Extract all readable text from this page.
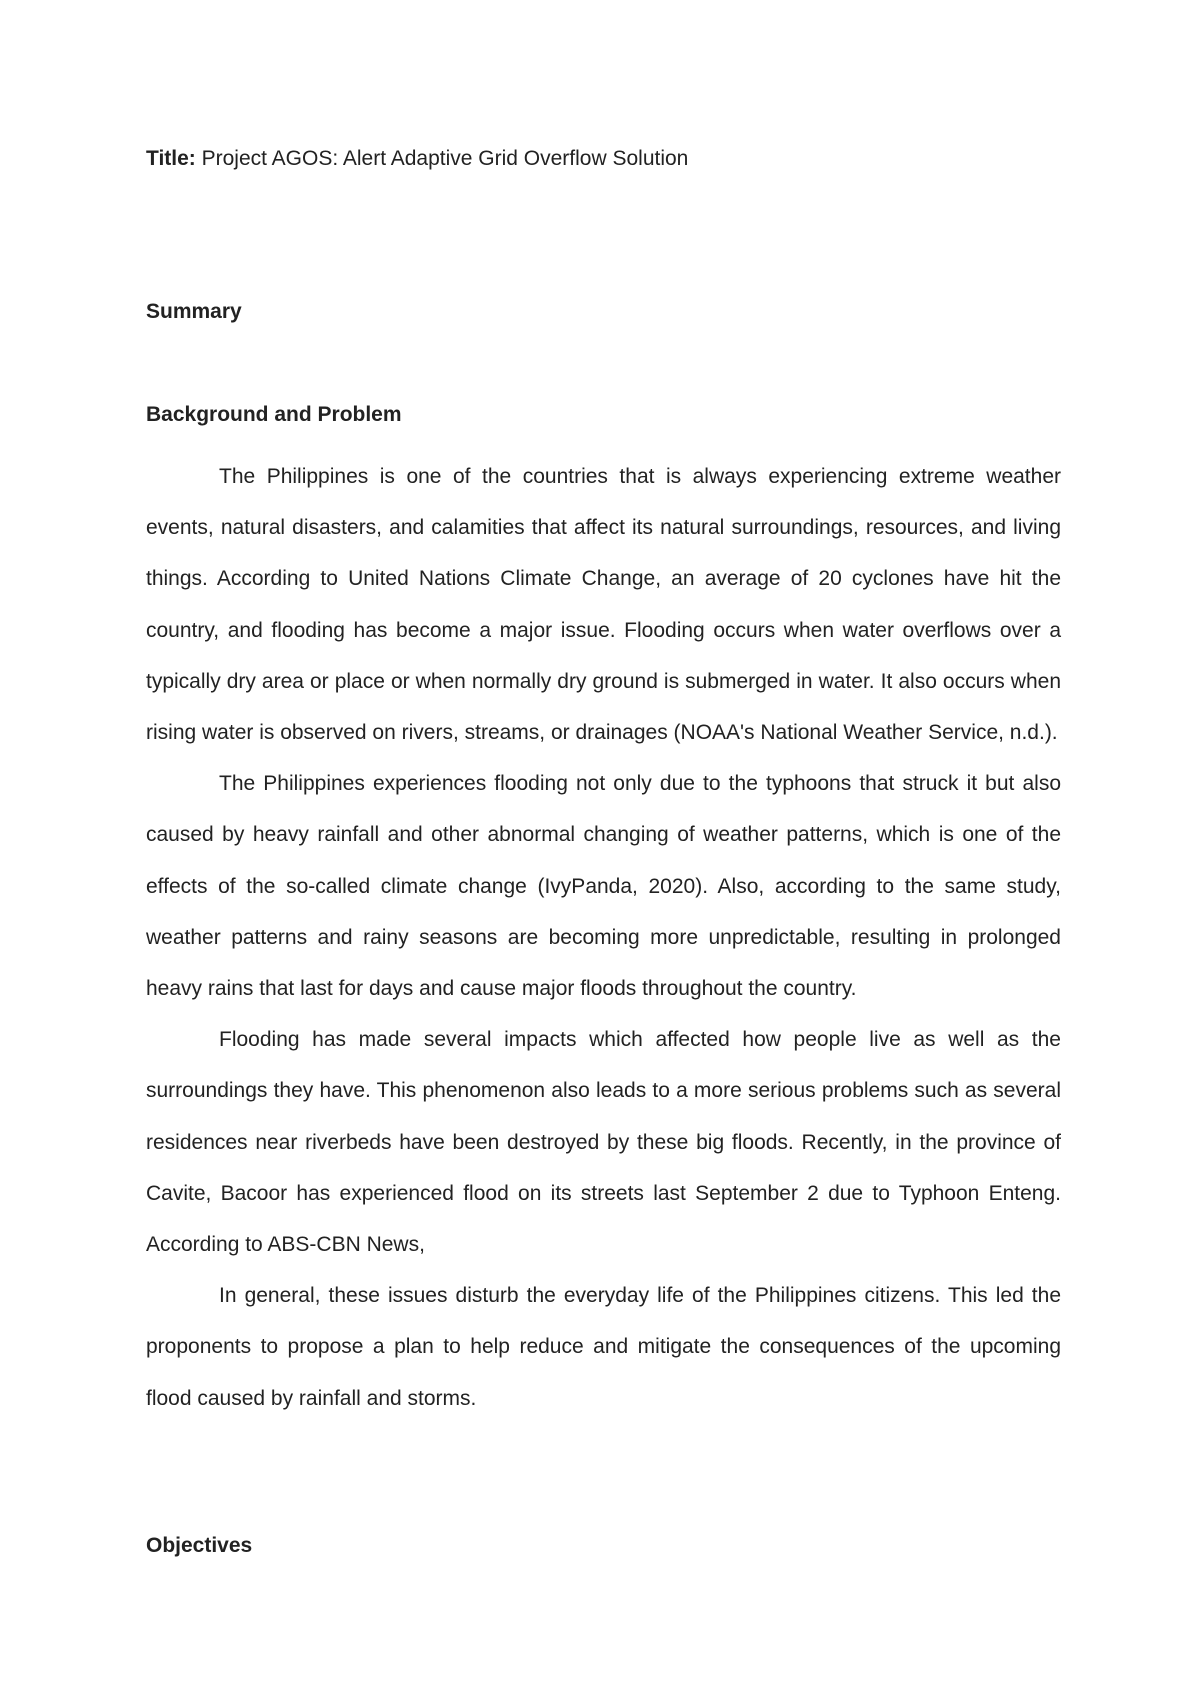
Title: Project AGOS: Alert Adaptive Grid Overflow Solution
Summary
Background and Problem

The Philippines is one of the countries that is always experiencing extreme weather events, natural disasters, and calamities that affect its natural surroundings, resources, and living things. According to United Nations Climate Change, an average of 20 cyclones have hit the country, and flooding has become a major issue. Flooding occurs when water overflows over a typically dry area or place or when normally dry ground is submerged in water. It also occurs when rising water is observed on rivers, streams, or drainages (NOAA's National Weather Service, n.d.).

The Philippines experiences flooding not only due to the typhoons that struck it but also caused by heavy rainfall and other abnormal changing of weather patterns, which is one of the effects of the so-called climate change (IvyPanda, 2020). Also, according to the same study, weather patterns and rainy seasons are becoming more unpredictable, resulting in prolonged heavy rains that last for days and cause major floods throughout the country.

Flooding has made several impacts which affected how people live as well as the surroundings they have. This phenomenon also leads to a more serious problems such as several residences near riverbeds have been destroyed by these big floods. Recently, in the province of Cavite, Bacoor has experienced flood on its streets last September 2 due to Typhoon Enteng. According to ABS-CBN News,

In general, these issues disturb the everyday life of the Philippines citizens. This led the proponents to propose a plan to help reduce and mitigate the consequences of the upcoming flood caused by rainfall and storms.

Objectives
